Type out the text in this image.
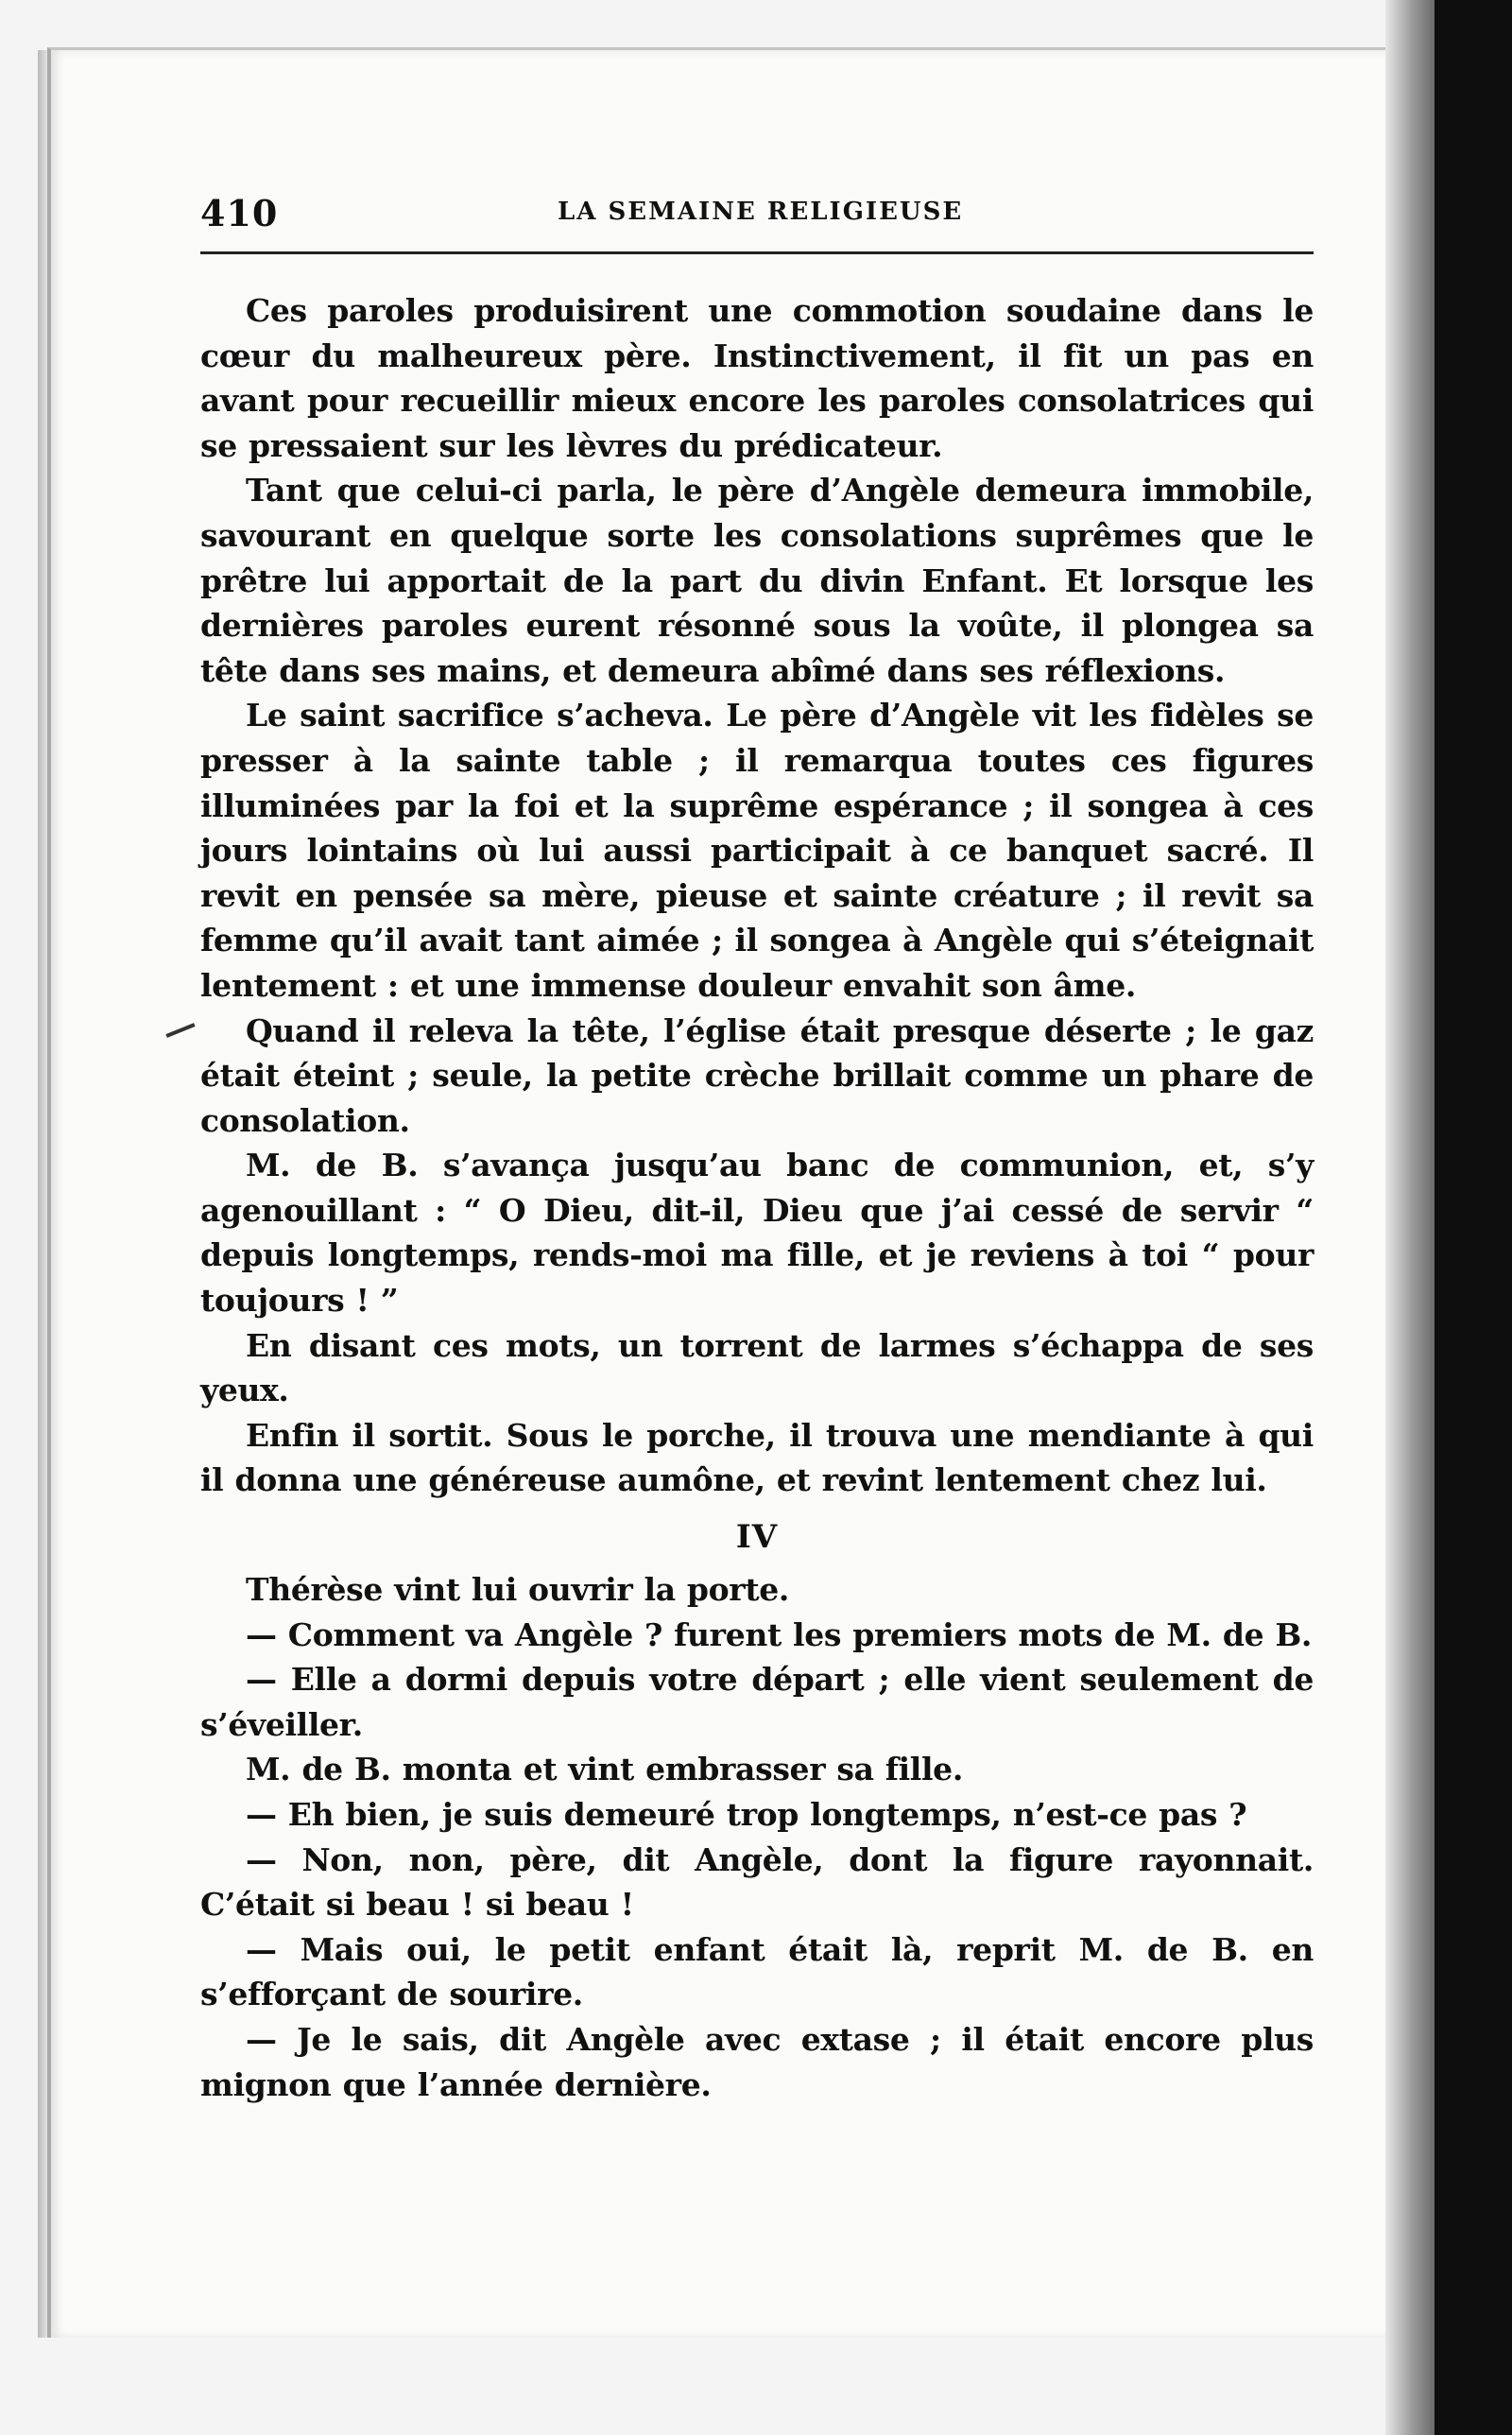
410	LA SEMAINE RELIGIEUSE

Ces paroles produisirent une commotion soudaine dans le cœur du malheureux père. Instinctivement, il fit un pas en avant pour recueillir mieux encore les paroles consolatrices qui se pressaient sur les lèvres du prédicateur.

Tant que celui-ci parla, le père d’Angèle demeura immobile, savourant en quelque sorte les consolations suprêmes que le prêtre lui apportait de la part du divin Enfant. Et lorsque les dernières paroles eurent résonné sous la voûte, il plongea sa tête dans ses mains, et demeura abîmé dans ses réflexions.

Le saint sacrifice s’acheva. Le père d’Angèle vit les fidèles se presser à la sainte table ; il remarqua toutes ces figures illuminées par la foi et la suprême espérance ; il songea à ces jours lointains où lui aussi participait à ce banquet sacré. Il revit en pensée sa mère, pieuse et sainte créature ; il revit sa femme qu’il avait tant aimée ; il songea à Angèle qui s’éteignait lentement : et une immense douleur envahit son âme.

Quand il releva la tête, l’église était presque déserte ; le gaz était éteint ; seule, la petite crèche brillait comme un phare de consolation.

M. de B. s’avança jusqu’au banc de communion, et, s’y agenouillant : “ O Dieu, dit-il, Dieu que j’ai cessé de servir “ depuis longtemps, rends-moi ma fille, et je reviens à toi “ pour toujours ! ”

En disant ces mots, un torrent de larmes s’échappa de ses yeux.

Enfin il sortit. Sous le porche, il trouva une mendiante à qui il donna une généreuse aumône, et revint lentement chez lui.

IV

Thérèse vint lui ouvrir la porte.

— Comment va Angèle ? furent les premiers mots de M. de B.

— Elle a dormi depuis votre départ ; elle vient seulement de s’éveiller.

M. de B. monta et vint embrasser sa fille.

— Eh bien, je suis demeuré trop longtemps, n’est-ce pas ?

— Non, non, père, dit Angèle, dont la figure rayonnait. C’était si beau ! si beau !

— Mais oui, le petit enfant était là, reprit M. de B. en s’efforçant de sourire.

— Je le sais, dit Angèle avec extase ; il était encore plus mignon que l’année dernière.
